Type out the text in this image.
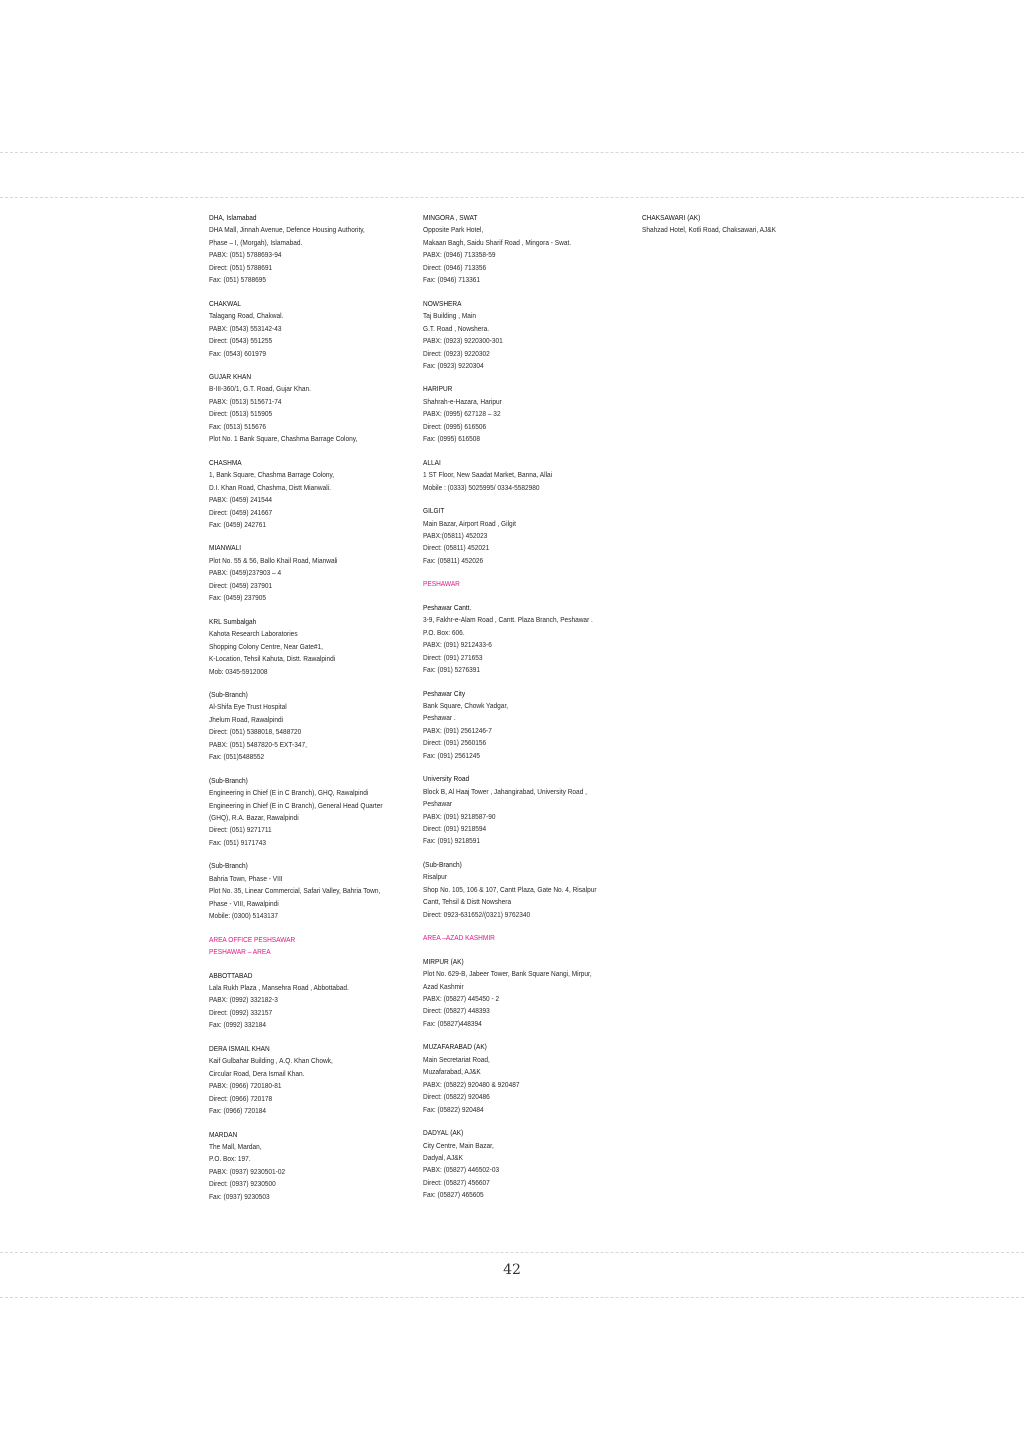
DHA, Islamabad
DHA Mall, Jinnah Avenue, Defence Housing Authority,
Phase – I, (Morgah), Islamabad.
PABX: (051) 5788693-94
Direct: (051) 5788691
Fax: (051) 5788695
CHAKWAL
Talagang Road, Chakwal.
PABX: (0543) 553142-43
Direct: (0543) 551255
Fax: (0543) 601979
GUJAR KHAN
B-III-360/1, G.T. Road, Gujar Khan.
PABX: (0513) 515671-74
Direct: (0513) 515905
Fax: (0513) 515676
Plot No. 1 Bank Square, Chashma Barrage Colony,
CHASHMA
1, Bank Square, Chashma Barrage Colony,
D.I. Khan Road, Chashma, Distt Mianwali.
PABX: (0459) 241544
Direct: (0459) 241667
Fax: (0459) 242761
MIANWALI
Plot No. 55 & 56, Ballo Khail Road, Mianwali
PABX: (0459)237903 – 4
Direct: (0459) 237901
Fax: (0459) 237905
KRL Sumbalgah
Kahota Research Laboratories
Shopping Colony Centre, Near Gate#1,
K-Location, Tehsil Kahuta, Distt. Rawalpindi
Mob: 0345-5912008
(Sub-Branch)
Al-Shifa Eye Trust Hospital
Jhelum Road, Rawalpindi
Direct: (051) 5388018, 5488720
PABX: (051) 5487820-5 EXT-347,
Fax: (051)5488552
(Sub-Branch)
Engineering in Chief (E in C Branch), GHQ, Rawalpindi
Engineering in Chief (E in C Branch), General Head Quarter
(GHQ), R.A. Bazar, Rawalpindi
Direct: (051) 9271711
Fax: (051) 9171743
(Sub-Branch)
Bahria Town, Phase - VIII
Plot No. 35, Linear Commercial, Safari Valley, Bahria Town,
Phase - VIII, Rawalpindi
Mobile: (0300) 5143137
AREA OFFICE PESHSAWAR
PESHAWAR – AREA
ABBOTTABAD
Lala Rukh Plaza , Mansehra Road , Abbottabad.
PABX: (0992) 332182-3
Direct: (0992) 332157
Fax: (0992) 332184
DERA ISMAIL KHAN
Kaif Gulbahar Building , A.Q. Khan Chowk,
Circular Road, Dera Ismail Khan.
PABX: (0966) 720180-81
Direct: (0966) 720178
Fax: (0966) 720184
MARDAN
The Mall, Mardan,
P.O. Box: 197.
PABX: (0937) 9230501-02
Direct: (0937) 9230500
Fax: (0937) 9230503
MINGORA , SWAT
Opposite Park Hotel,
Makaan Bagh, Saidu Sharif Road , Mingora - Swat.
PABX: (0946) 713358-59
Direct: (0946) 713356
Fax: (0946) 713361
NOWSHERA
Taj Building , Main
G.T. Road , Nowshera.
PABX: (0923) 9220300-301
Direct: (0923) 9220302
Fax: (0923) 9220304
HARIPUR
Shahrah-e-Hazara, Haripur
PABX: (0995) 627128 – 32
Direct: (0995) 616506
Fax: (0995) 616508
ALLAI
1 ST Floor, New Saadat Market, Banna, Allai
Mobile : (0333) 5025995/ 0334-5582980
GILGIT
Main Bazar, Airport Road , Gilgit
PABX:(05811) 452023
Direct: (05811) 452021
Fax: (05811) 452026
PESHAWAR
Peshawar Cantt.
3-9, Fakhr-e-Alam Road , Cantt. Plaza Branch, Peshawar .
P.O. Box: 606.
PABX: (091) 9212433-6
Direct: (091) 271653
Fax: (091) 5276391
Peshawar City
Bank Square, Chowk Yadgar,
Peshawar .
PABX: (091) 2561246-7
Direct: (091) 2560156
Fax: (091) 2561245
University Road
Block B, Al Haaj Tower , Jahangirabad, University Road ,
Peshawar
PABX: (091) 9218587-90
Direct: (091) 9218594
Fax: (091) 9218591
(Sub-Branch)
Risalpur
Shop No. 105, 106 & 107, Cantt Plaza, Gate No. 4, Risalpur
Cantt, Tehsil & Distt Nowshera
Direct: 0923-631652/(0321) 9762340
AREA –AZAD KASHMIR
MIRPUR (AK)
Plot No. 629-B, Jabeer Tower, Bank Square Nangi, Mirpur,
Azad Kashmir
PABX: (05827) 445450 - 2
Direct: (05827) 448393
Fax: (05827)448394
MUZAFARABAD (AK)
Main Secretariat Road,
Muzafarabad, AJ&K
PABX: (05822) 920480 & 920487
Direct: (05822) 920486
Fax: (05822) 920484
DADYAL (AK)
City Centre, Main Bazar,
Dadyal, AJ&K
PABX: (05827) 446502-03
Direct: (05827) 456607
Fax: (05827) 465605
CHAKSAWARI (AK)
Shahzad Hotel, Kotli Road, Chaksawari, AJ&K
42
